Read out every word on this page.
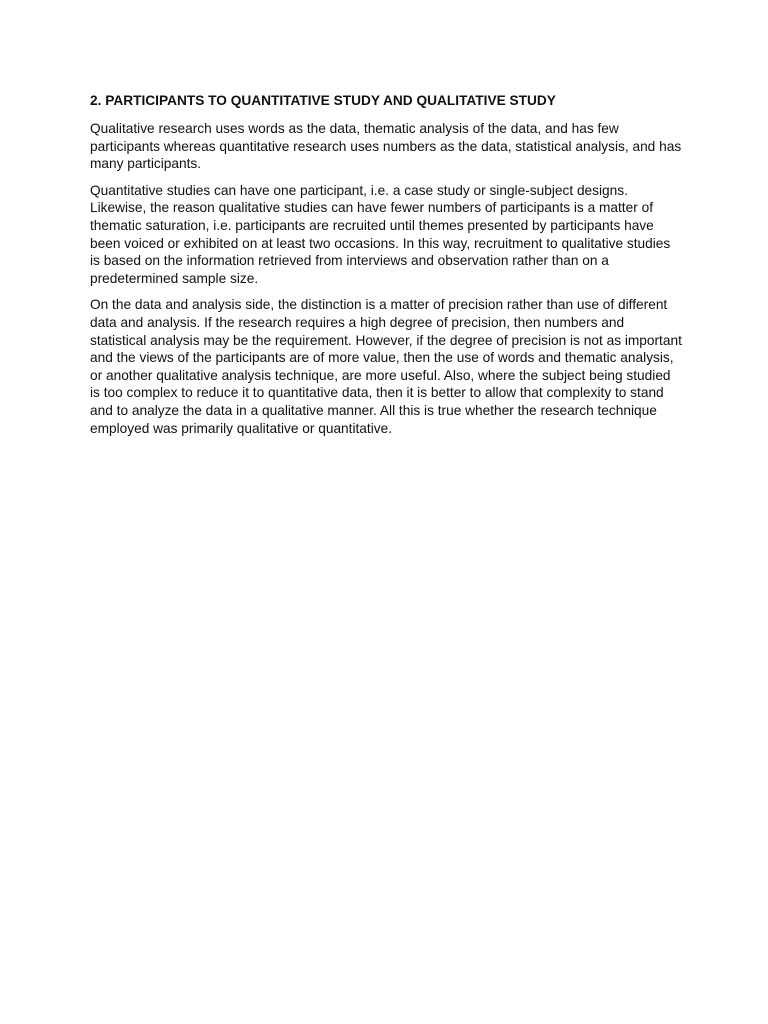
2. PARTICIPANTS TO QUANTITATIVE STUDY AND QUALITATIVE STUDY

Qualitative research uses words as the data, thematic analysis of the data, and has few participants whereas quantitative research uses numbers as the data, statistical analysis, and has many participants.

Quantitative studies can have one participant, i.e. a case study or single-subject designs. Likewise, the reason qualitative studies can have fewer numbers of participants is a matter of thematic saturation, i.e. participants are recruited until themes presented by participants have been voiced or exhibited on at least two occasions. In this way, recruitment to qualitative studies is based on the information retrieved from interviews and observation rather than on a predetermined sample size.

On the data and analysis side, the distinction is a matter of precision rather than use of different data and analysis. If the research requires a high degree of precision, then numbers and statistical analysis may be the requirement. However, if the degree of precision is not as important and the views of the participants are of more value, then the use of words and thematic analysis, or another qualitative analysis technique, are more useful. Also, where the subject being studied is too complex to reduce it to quantitative data, then it is better to allow that complexity to stand and to analyze the data in a qualitative manner. All this is true whether the research technique employed was primarily qualitative or quantitative.
